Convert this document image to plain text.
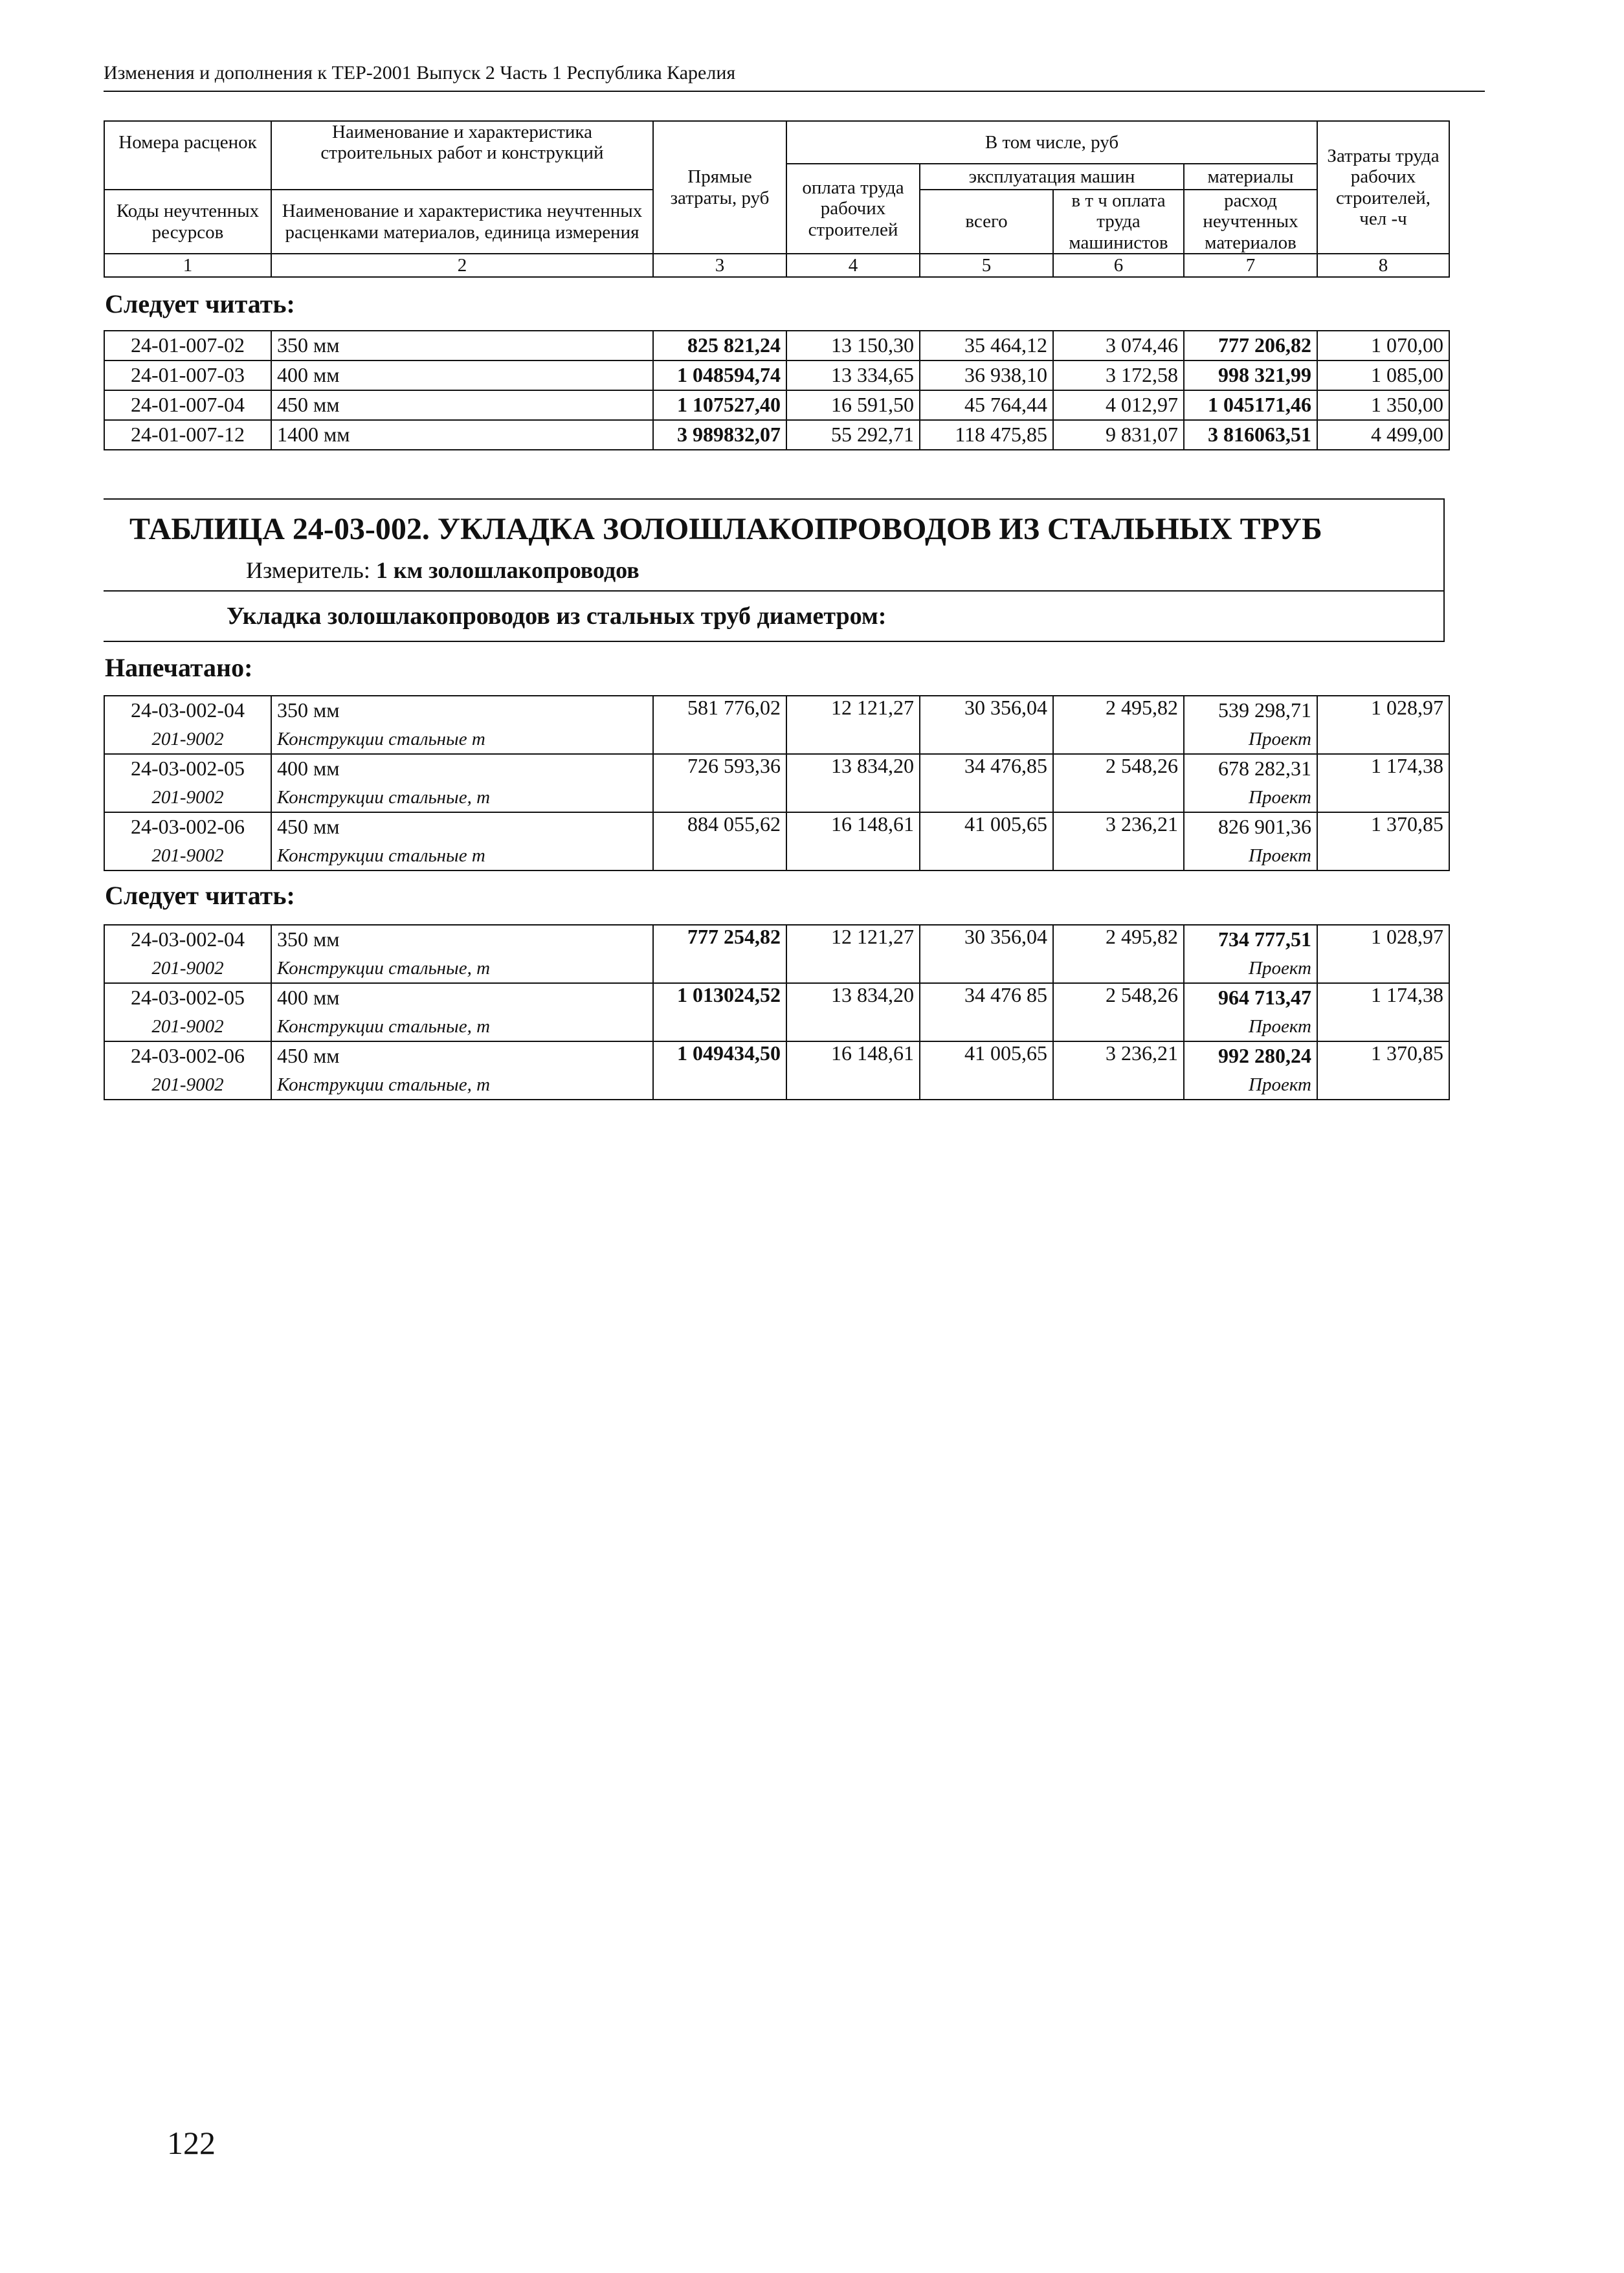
Изменения и дополнения к ТЕР-2001 Выпуск 2 Часть 1 Республика Карелия
Номера расценок	Наименование и характеристика строительных работ и конструкций	Прямые затраты, руб	В том числе, руб				Затраты труда рабочих строителей, чел -ч
			оплата труда рабочих строителей	эксплуатация машин		материалы	
Коды неучтенных ресурсов	Наименование и характеристика неучтенных расценками материалов, единица измерения			всего	в т ч оплата труда машинистов	расход неучтенных материалов	

1	2	3	4	5	6	7	8
Следует читать:
24-01-007-02	350 мм	825 821,24	13 150,30	35 464,12	3 074,46	777 206,82	1 070,00
24-01-007-03	400 мм	1 048594,74	13 334,65	36 938,10	3 172,58	998 321,99	1 085,00
24-01-007-04	450 мм	1 107527,40	16 591,50	45 764,44	4 012,97	1 045171,46	1 350,00
24-01-007-12	1400 мм	3 989832,07	55 292,71	118 475,85	9 831,07	3 816063,51	4 499,00
ТАБЛИЦА 24-03-002. УКЛАДКА ЗОЛОШЛАКОПРОВОДОВ ИЗ СТАЛЬНЫХ ТРУБ
Измеритель: 1 км золошлакопроводов
Укладка золошлакопроводов из стальных труб диаметром:
Напечатано:
24-03-002-04	350 мм	581 776,02	12 121,27	30 356,04	2 495,82	539 298,71	1 028,97
201-9002	Конструкции стальные т					Проект	
24-03-002-05	400 мм	726 593,36	13 834,20	34 476,85	2 548,26	678 282,31	1 174,38
201-9002	Конструкции стальные, т					Проект	
24-03-002-06	450 мм	884 055,62	16 148,61	41 005,65	3 236,21	826 901,36	1 370,85
201-9002	Конструкции стальные т					Проект	
Следует читать:
24-03-002-04	350 мм	777 254,82	12 121,27	30 356,04	2 495,82	734 777,51	1 028,97
201-9002	Конструкции стальные, т					Проект	
24-03-002-05	400 мм	1 013024,52	13 834,20	34 476 85	2 548,26	964 713,47	1 174,38
201-9002	Конструкции стальные, т					Проект	
24-03-002-06	450 мм	1 049434,50	16 148,61	41 005,65	3 236,21	992 280,24	1 370,85
201-9002	Конструкции стальные, т					Проект	
122
